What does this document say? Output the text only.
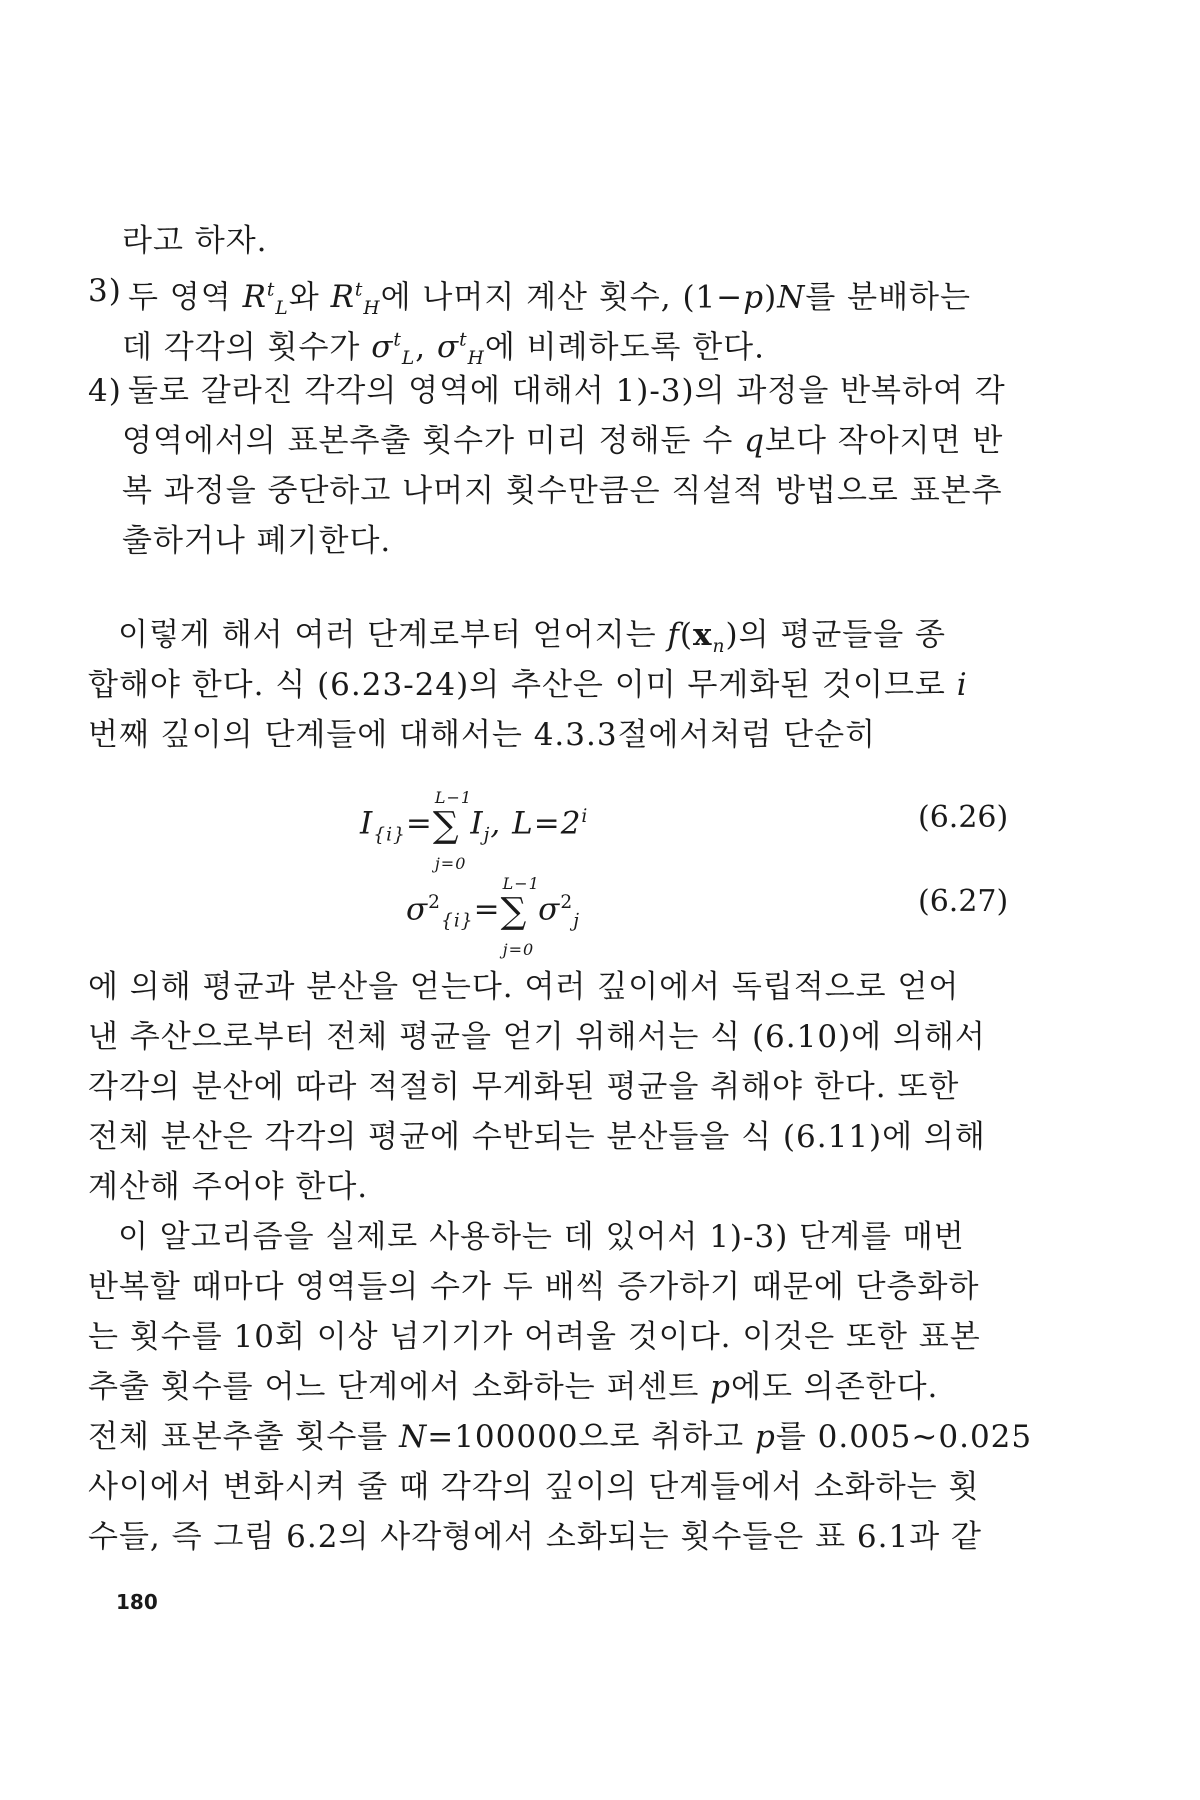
라고 하자.
3) 두 영역 $R^t_L$와 $R^t_H$에 나머지 계산 횟수, (1−p)N를 분배하는
데 각각의 횟수가 $\sigma^t_L$, $\sigma^t_H$에 비례하도록 한다.
4) 둘로 갈라진 각각의 영역에 대해서 1)-3)의 과정을 반복하여 각
영역에서의 표본추출 횟수가 미리 정해둔 수 q보다 작아지면 반
복 과정을 중단하고 나머지 횟수만큼은 직설적 방법으로 표본추
출하거나 폐기한다.
이렇게 해서 여러 단계로부터 얻어지는 $f(x_n)$의 평균들을 종
합해야 한다. 식 (6.23-24)의 추산은 이미 무게화된 것이므로 i
번째 깊이의 단계들에 대해서는 4.3.3절에서처럼 단순히
$I_{\{i\}}=$
L−1
∑
j=0
$I_j$, $L=2^i$	(6.26)
$\sigma^2_{\{i\}}=$
L−1
∑
j=0
$\sigma^2_j$
(6.27)
에 의해 평균과 분산을 얻는다. 여러 깊이에서 독립적으로 얻어
낸 추산으로부터 전체 평균을 얻기 위해서는 식 (6.10)에 의해서
각각의 분산에 따라 적절히 무게화된 평균을 취해야 한다. 또한
전체 분산은 각각의 평균에 수반되는 분산들을 식 (6.11)에 의해
계산해 주어야 한다.
이 알고리즘을 실제로 사용하는 데 있어서 1)-3) 단계를 매번
반복할 때마다 영역들의 수가 두 배씩 증가하기 때문에 단층화하
는 횟수를 10회 이상 넘기기가 어려울 것이다. 이것은 또한 표본
추출 횟수를 어느 단계에서 소화하는 퍼센트 p에도 의존한다.
전체 표본추출 횟수를 N=100000으로 취하고 p를 0.005~0.025
사이에서 변화시켜 줄 때 각각의 깊이의 단계들에서 소화하는 횟
수들, 즉 그림 6.2의 사각형에서 소화되는 횟수들은 표 6.1과 같
180
